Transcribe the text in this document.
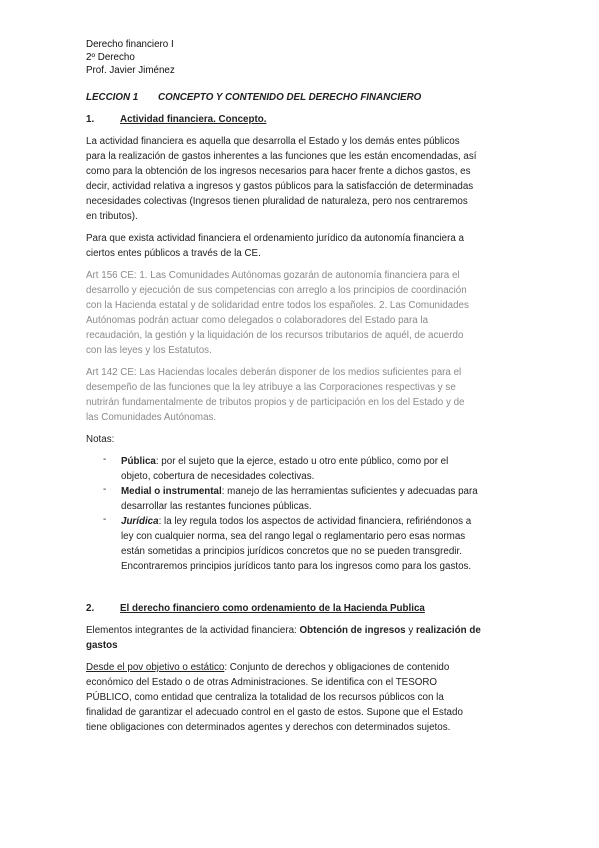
Derecho financiero I
2º Derecho
Prof. Javier Jiménez
LECCION 1 CONCEPTO Y CONTENIDO DEL DERECHO FINANCIERO
1.	Actividad financiera. Concepto.
La actividad financiera es aquella que desarrolla el Estado y los demás entes públicos
para la realización de gastos inherentes a las funciones que les están encomendadas, así
como para la obtención de los ingresos necesarios para hacer frente a dichos gastos, es
decir, actividad relativa a ingresos y gastos públicos para la satisfacción de determinadas
necesidades colectivas (Ingresos tienen pluralidad de naturaleza, pero nos centraremos
en tributos).
Para que exista actividad financiera el ordenamiento jurídico da autonomía financiera a
ciertos entes públicos a través de la CE.
Art 156 CE: 1. Las Comunidades Autónomas gozarán de autonomía financiera para el
desarrollo y ejecución de sus competencias con arreglo a los principios de coordinación
con la Hacienda estatal y de solidaridad entre todos los españoles. 2. Las Comunidades
Autónomas podrán actuar como delegados o colaboradores del Estado para la
recaudación, la gestión y la liquidación de los recursos tributarios de aquél, de acuerdo
con las leyes y los Estatutos.
Art 142 CE: Las Haciendas locales deberán disponer de los medios suficientes para el
desempeño de las funciones que la ley atribuye a las Corporaciones respectivas y se
nutrirán fundamentalmente de tributos propios y de participación en los del Estado y de
las Comunidades Autónomas.
Notas:
- Pública: por el sujeto que la ejerce, estado u otro ente público, como por el
objeto, cobertura de necesidades colectivas.
- Medial o instrumental: manejo de las herramientas suficientes y adecuadas para
desarrollar las restantes funciones públicas.
- Jurídica: la ley regula todos los aspectos de actividad financiera, refiriéndonos a
ley con cualquier norma, sea del rango legal o reglamentario pero esas normas
están sometidas a principios jurídicos concretos que no se pueden transgredir.
Encontraremos principios jurídicos tanto para los ingresos como para los gastos.
2.	El derecho financiero como ordenamiento de la Hacienda Publica
Elementos integrantes de la actividad financiera: Obtención de ingresos y realización de
gastos
Desde el pov objetivo o estático: Conjunto de derechos y obligaciones de contenido
económico del Estado o de otras Administraciones. Se identifica con el TESORO
PÚBLICO, como entidad que centraliza la totalidad de los recursos públicos con la
finalidad de garantizar el adecuado control en el gasto de estos. Supone que el Estado
tiene obligaciones con determinados agentes y derechos con determinados sujetos.
